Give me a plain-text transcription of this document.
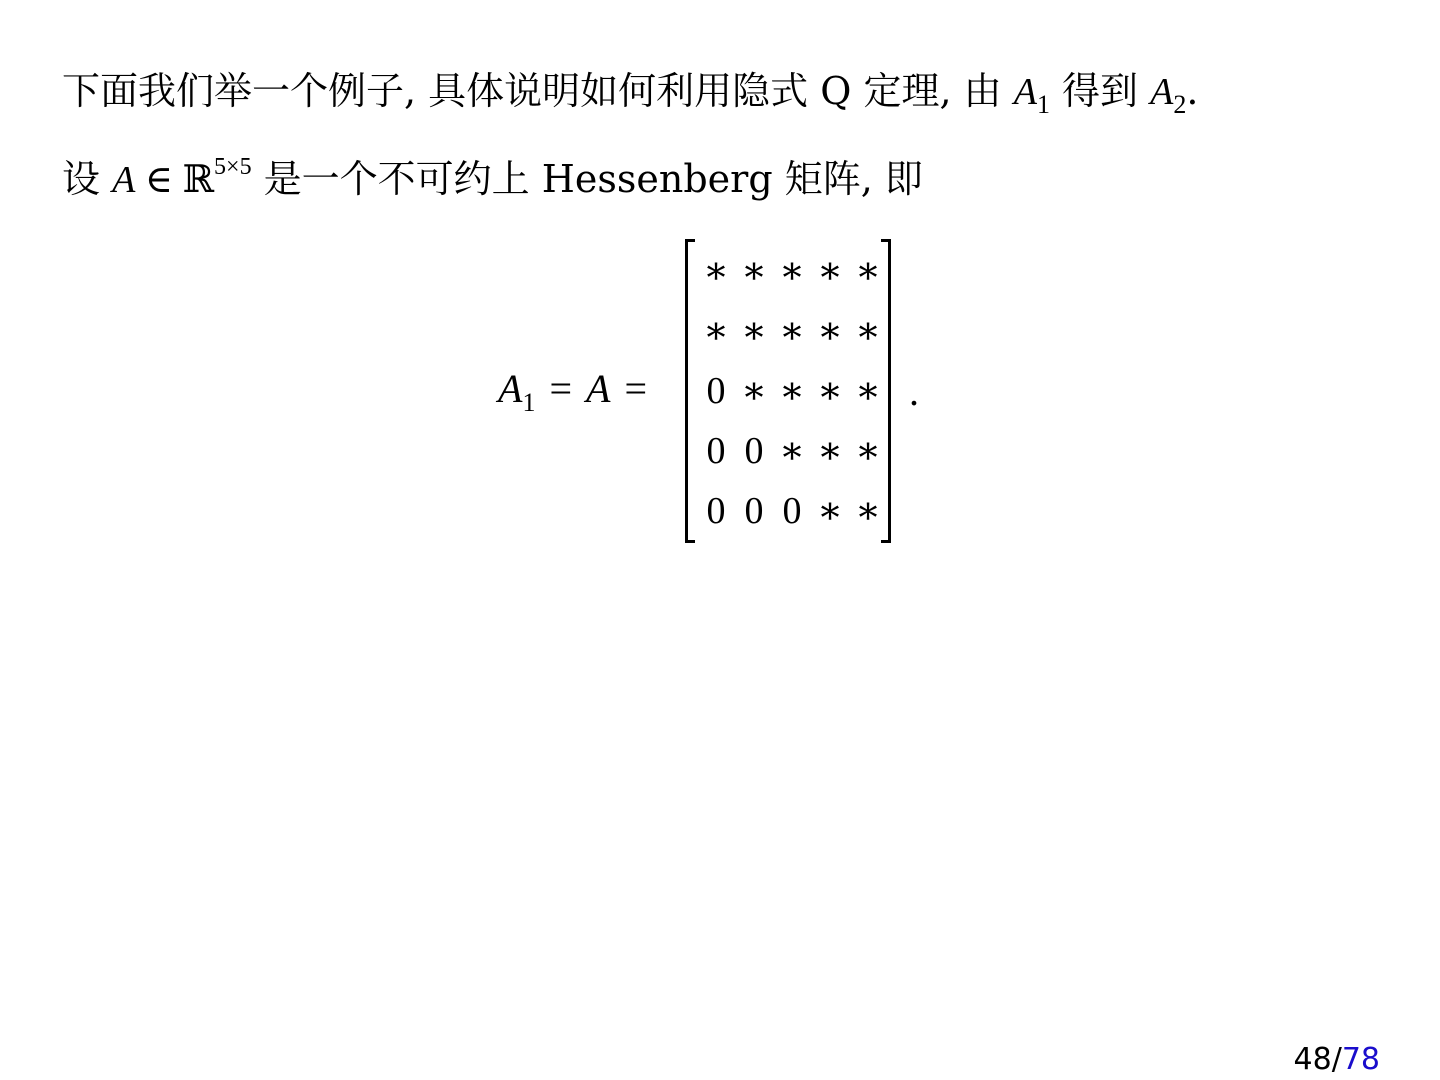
下面我们举一个例子, 具体说明如何利用隐式 Q 定理, 由 $A_1$ 得到 $A_2$.
设 A ∈ ℝ$^{5\times 5}$ 是一个不可约上 Hessenberg 矩阵, 即
$A_1 = A$ =
∗ ∗ ∗ ∗ ∗
∗ ∗ ∗ ∗ ∗
0 ∗ ∗ ∗ ∗
0 0 ∗ ∗ ∗
0 0 0 ∗ ∗
.
48/78
